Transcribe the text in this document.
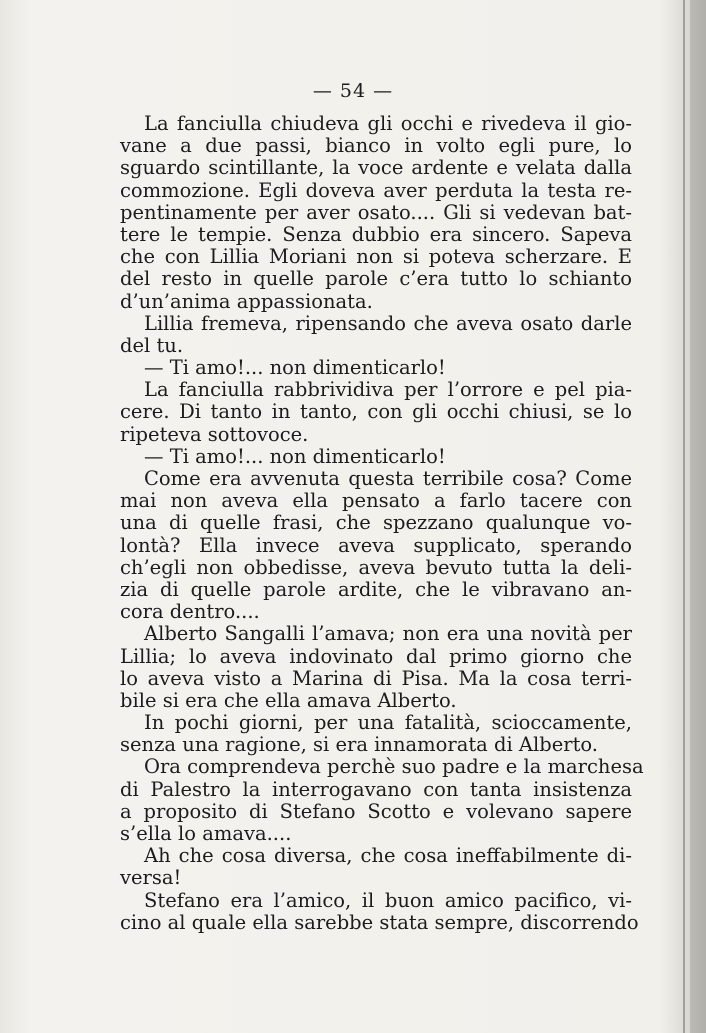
— 54 —
La fanciulla chiudeva gli occhi e rivedeva il gio-
vane a due passi, bianco in volto egli pure, lo
sguardo scintillante, la voce ardente e velata dalla
commozione. Egli doveva aver perduta la testa re-
pentinamente per aver osato.... Gli si vedevan bat-
tere le tempie. Senza dubbio era sincero. Sapeva
che con Lillia Moriani non si poteva scherzare. E
del resto in quelle parole c’era tutto lo schianto
d’un’anima appassionata.
Lillia fremeva, ripensando che aveva osato darle
del tu.
— Ti amo!... non dimenticarlo!
La fanciulla rabbrividiva per l’orrore e pel pia-
cere. Di tanto in tanto, con gli occhi chiusi, se lo
ripeteva sottovoce.
— Ti amo!... non dimenticarlo!
Come era avvenuta questa terribile cosa? Come
mai non aveva ella pensato a farlo tacere con
una di quelle frasi, che spezzano qualunque vo-
lontà? Ella invece aveva supplicato, sperando
ch’egli non obbedisse, aveva bevuto tutta la deli-
zia di quelle parole ardite, che le vibravano an-
cora dentro....
Alberto Sangalli l’amava; non era una novità per
Lillia; lo aveva indovinato dal primo giorno che
lo aveva visto a Marina di Pisa. Ma la cosa terri-
bile si era che ella amava Alberto.
In pochi giorni, per una fatalità, scioccamente,
senza una ragione, si era innamorata di Alberto.
Ora comprendeva perchè suo padre e la marchesa
di Palestro la interrogavano con tanta insistenza
a proposito di Stefano Scotto e volevano sapere
s’ella lo amava....
Ah che cosa diversa, che cosa ineffabilmente di-
versa!
Stefano era l’amico, il buon amico pacifico, vi-
cino al quale ella sarebbe stata sempre, discorrendo
